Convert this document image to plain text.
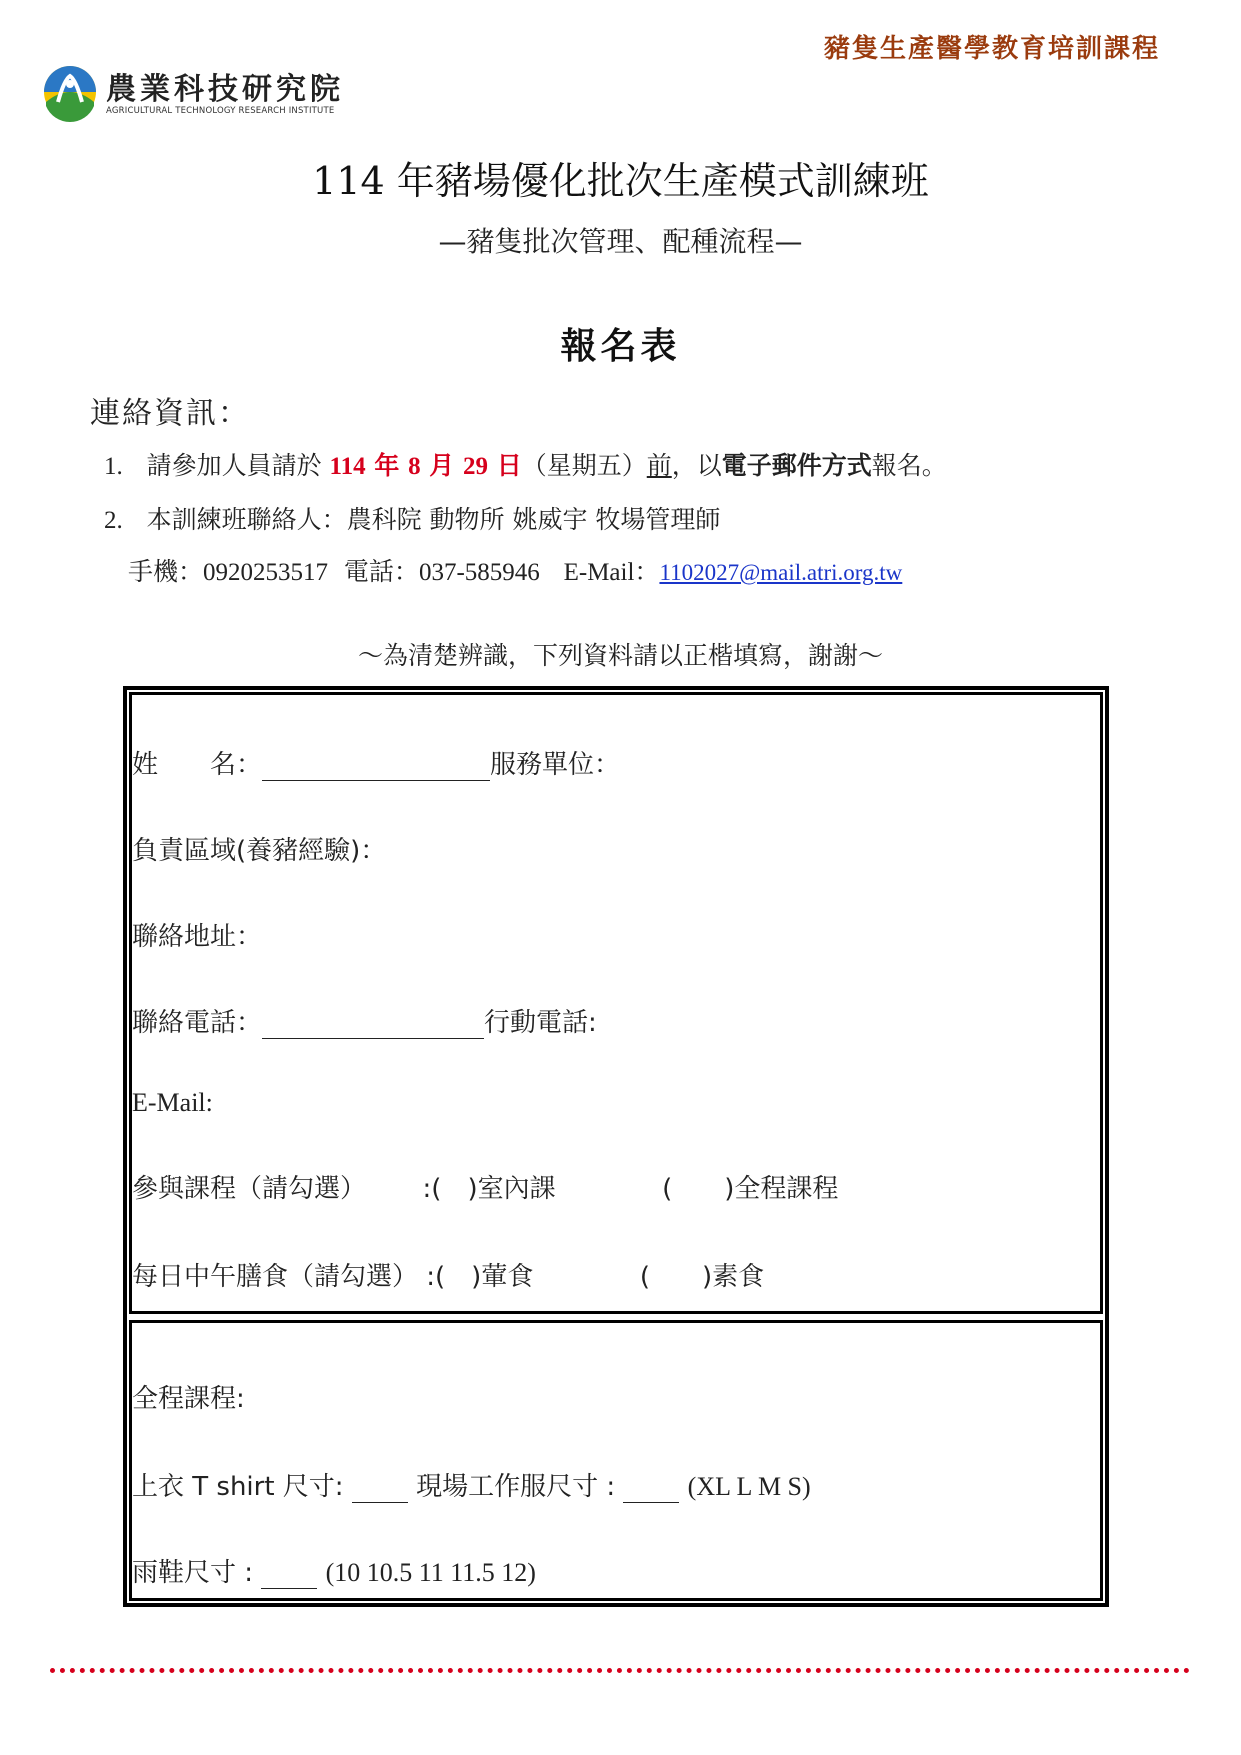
豬隻生產醫學教育培訓課程
農業科技研究院
AGRICULTURAL TECHNOLOGY RESEARCH INSTITUTE
114 年豬場優化批次生產模式訓練班
—豬隻批次管理、配種流程—
報名表
連絡資訊：
1. 請參加人員請於 114 年 8 月 29 日（星期五）前，以電子郵件方式報名。
2. 本訓練班聯絡人：農科院 動物所 姚威宇 牧場管理師
手機：0920253517 電話：037-585946 E-Mail：1102027@mail.atri.org.tw
～為清楚辨識，下列資料請以正楷填寫，謝謝～
姓　　名：	服務單位：
負責區域(養豬經驗)：
聯絡地址：
聯絡電話：	行動電話:
E-Mail:
參與課程（請勾選） :(　)室內課	(　　)全程課程
每日中午膳食（請勾選） :(　)葷食	(　　)素食
全程課程:
上衣 T shirt 尺寸:	現場工作服尺寸 :	(XL L M S)
雨鞋尺寸 :	(10 10.5 11 11.5 12)
